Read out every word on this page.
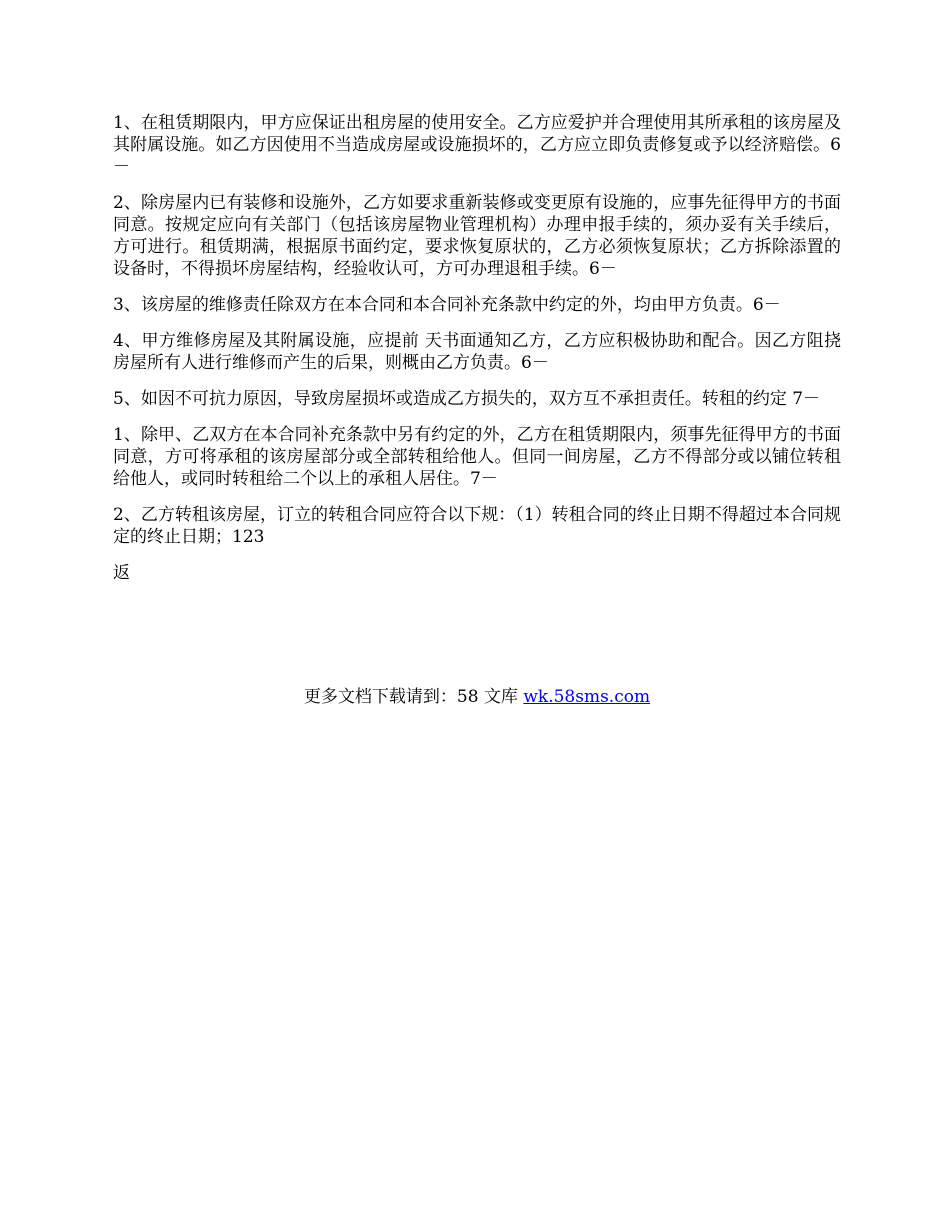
1、在租赁期限内，甲方应保证出租房屋的使用安全。乙方应爱护并合理使用其所承租的该房屋及其附属设施。如乙方因使用不当造成房屋或设施损坏的，乙方应立即负责修复或予以经济赔偿。6－

2、除房屋内已有装修和设施外，乙方如要求重新装修或变更原有设施的，应事先征得甲方的书面同意。按规定应向有关部门（包括该房屋物业管理机构）办理申报手续的，须办妥有关手续后，方可进行。租赁期满，根据原书面约定，要求恢复原状的，乙方必须恢复原状；乙方拆除添置的设备时，不得损坏房屋结构，经验收认可，方可办理退租手续。6－

3、该房屋的维修责任除双方在本合同和本合同补充条款中约定的外，均由甲方负责。6－

4、甲方维修房屋及其附属设施，应提前 天书面通知乙方，乙方应积极协助和配合。因乙方阻挠房屋所有人进行维修而产生的后果，则概由乙方负责。6－

5、如因不可抗力原因，导致房屋损坏或造成乙方损失的，双方互不承担责任。转租的约定 7－

1、除甲、乙双方在本合同补充条款中另有约定的外，乙方在租赁期限内，须事先征得甲方的书面同意，方可将承租的该房屋部分或全部转租给他人。但同一间房屋，乙方不得部分或以铺位转租给他人，或同时转租给二个以上的承租人居住。7－

2、乙方转租该房屋，订立的转租合同应符合以下规：（1）转租合同的终止日期不得超过本合同规定的终止日期；123

返

更多文档下载请到：58 文库 wk.58sms.com
